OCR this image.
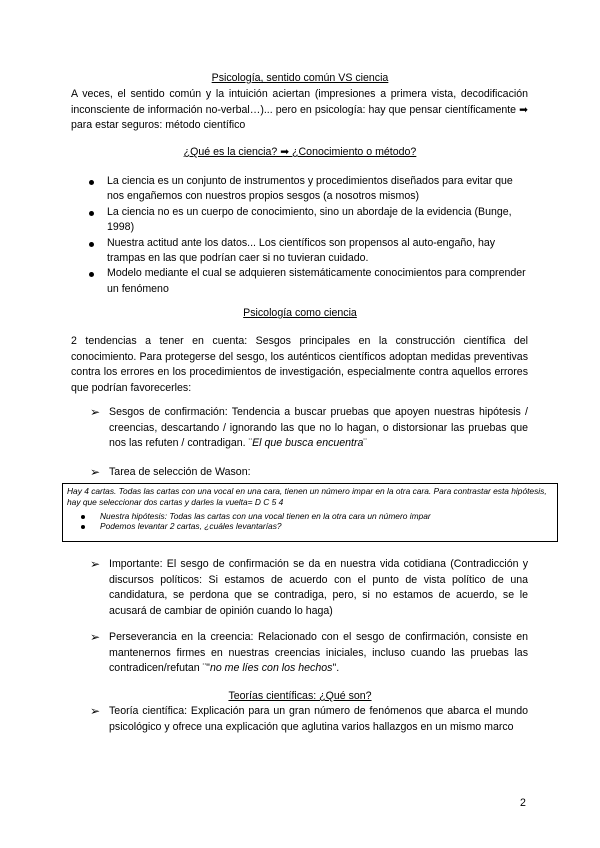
Psicología, sentido común VS ciencia
A veces, el sentido común y la intuición aciertan (impresiones a primera vista, decodificación inconsciente de información no-verbal…)... pero en psicología: hay que pensar científicamente ➡ para estar seguros: método científico
¿Qué es la ciencia? ➡ ¿Conocimiento o método?
La ciencia es un conjunto de instrumentos y procedimientos diseñados para evitar que nos engañemos con nuestros propios sesgos (a nosotros mismos)
La ciencia no es un cuerpo de conocimiento, sino un abordaje de la evidencia (Bunge, 1998)
Nuestra actitud ante los datos... Los científicos son propensos al auto-engaño, hay trampas en las que podrían caer si no tuvieran cuidado.
Modelo mediante el cual se adquieren sistemáticamente conocimientos para comprender un fenómeno
Psicología como ciencia
2 tendencias a tener en cuenta: Sesgos principales en la construcción científica del conocimiento. Para protegerse del sesgo, los auténticos científicos adoptan medidas preventivas contra los errores en los procedimientos de investigación, especialmente contra aquellos errores que podrían favorecerles:
➢ Sesgos de confirmación: Tendencia a buscar pruebas que apoyen nuestras hipótesis / creencias, descartando / ignorando las que no lo hagan, o distorsionar las pruebas que nos las refuten / contradigan. ¨El que busca encuentra¨
➢ Tarea de selección de Wason:
Hay 4 cartas. Todas las cartas con una vocal en una cara, tienen un número impar en la otra cara. Para contrastar esta hipótesis, hay que seleccionar dos cartas y darles la vuelta= D C 5 4
Nuestra hipótesis: Todas las cartas con una vocal tienen en la otra cara un número impar
Podemos levantar 2 cartas, ¿cuáles levantarías?
➢ Importante: El sesgo de confirmación se da en nuestra vida cotidiana (Contradicción y discursos políticos: Si estamos de acuerdo con el punto de vista político de una candidatura, se perdona que se contradiga, pero, si no estamos de acuerdo, se le acusará de cambiar de opinión cuando lo haga)
➢ Perseverancia en la creencia: Relacionado con el sesgo de confirmación, consiste en mantenernos firmes en nuestras creencias iniciales, incluso cuando las pruebas las contradicen/refutan ¨"no me líes con los hechos".
Teorías científicas: ¿Qué son?
➢ Teoría científica: Explicación para un gran número de fenómenos que abarca el mundo psicológico y ofrece una explicación que aglutina varios hallazgos en un mismo marco
2
